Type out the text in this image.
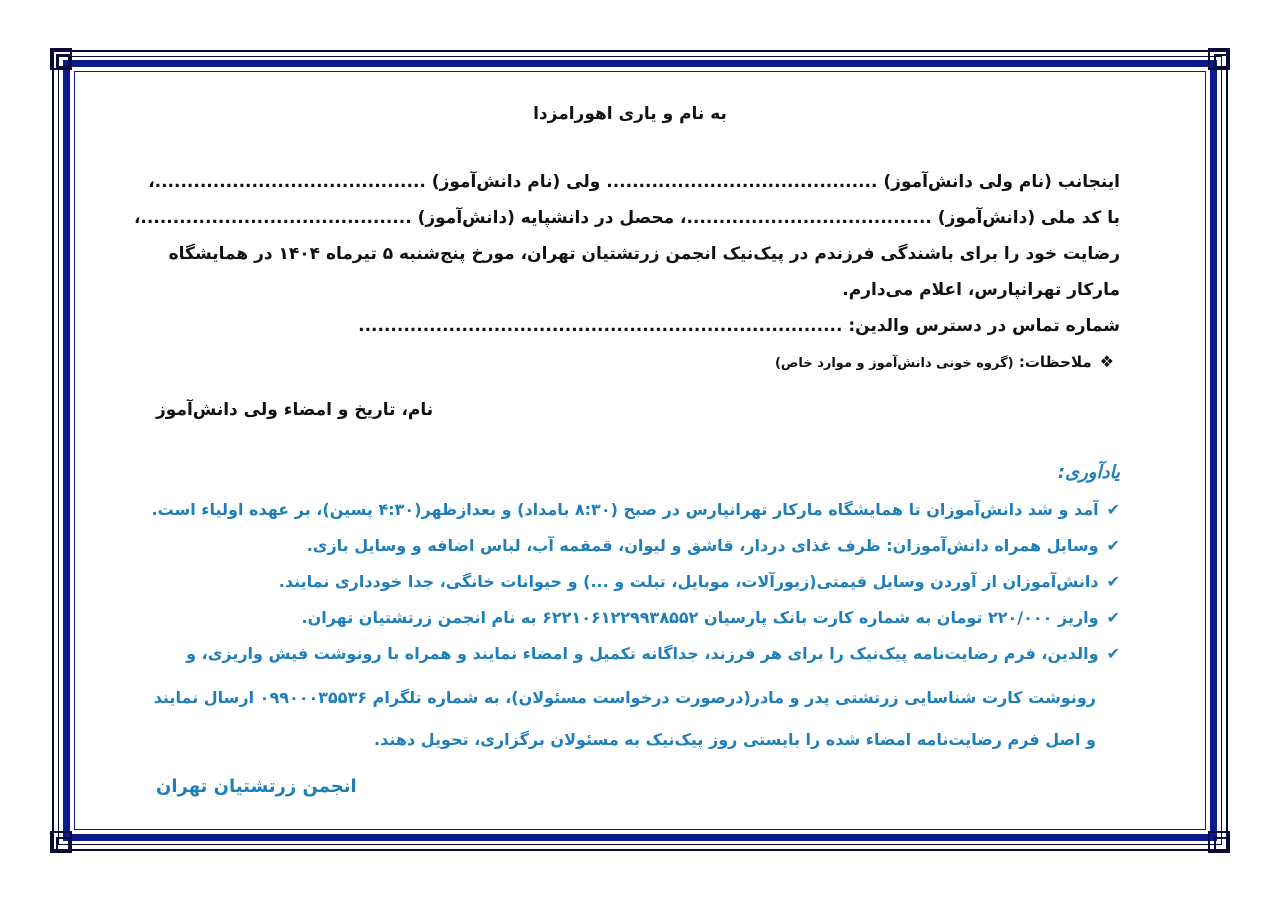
به نام و یاری اهورامزدا
اینجانب (نام ولی دانش‌آموز) .......................................... ولی (نام دانش‌آموز) ..........................................،
با کد ملی (دانش‌آموز) ......................................، محصل در دانشپایه (دانش‌آموز) ..........................................،
رضایت خود را برای باشندگی فرزندم در پیک‌نیک انجمن زرتشتیان تهران، مورخ پنج‌شنبه ۵ تیرماه ۱۴۰۴ در همایشگاه
مارکار تهرانپارس، اعلام می‌دارم.
شماره تماس در دسترس والدین: ...........................................................................
❖ملاحظات: (گروه خونی دانش‌آموز و موارد خاص)
نام، تاریخ و امضاء ولی دانش‌آموز
یادآوری:
✔آمد و شد دانش‌آموزان تا همایشگاه مارکار تهرانپارس در صبح (۸:۳۰ بامداد) و بعدازظهر(۴:۳۰ پسین)، بر عهده اولیاء است.
✔وسایل همراه دانش‌آموزان: ظرف غذای دردار، قاشق و لیوان، قمقمه آب، لباس اضافه و وسایل بازی.
✔دانش‌آموزان از آوردن وسایل قیمتی(زیورآلات، موبایل، تبلت و ...) و حیوانات خانگی، جدا خودداری نمایند.
✔واریز ۲۲۰/۰۰۰ تومان به شماره کارت بانک پارسیان ۶۲۲۱۰۶۱۲۲۹۹۳۸۵۵۲ به نام انجمن زرتشتیان تهران.
✔والدین، فرم رضایت‌نامه پیک‌نیک را برای هر فرزند، جداگانه تکمیل و امضاء نمایند و همراه با رونوشت فیش واریزی، و
رونوشت کارت شناسایی زرتشتی پدر و مادر(درصورت درخواست مسئولان)، به شماره تلگرام ۰۹۹۰۰۰۳۵۵۳۶ ارسال نمایند
و اصل فرم رضایت‌نامه امضاء شده را بایستی روز پیک‌نیک به مسئولان برگزاری، تحویل دهند.
انجمن زرتشتیان تهران
